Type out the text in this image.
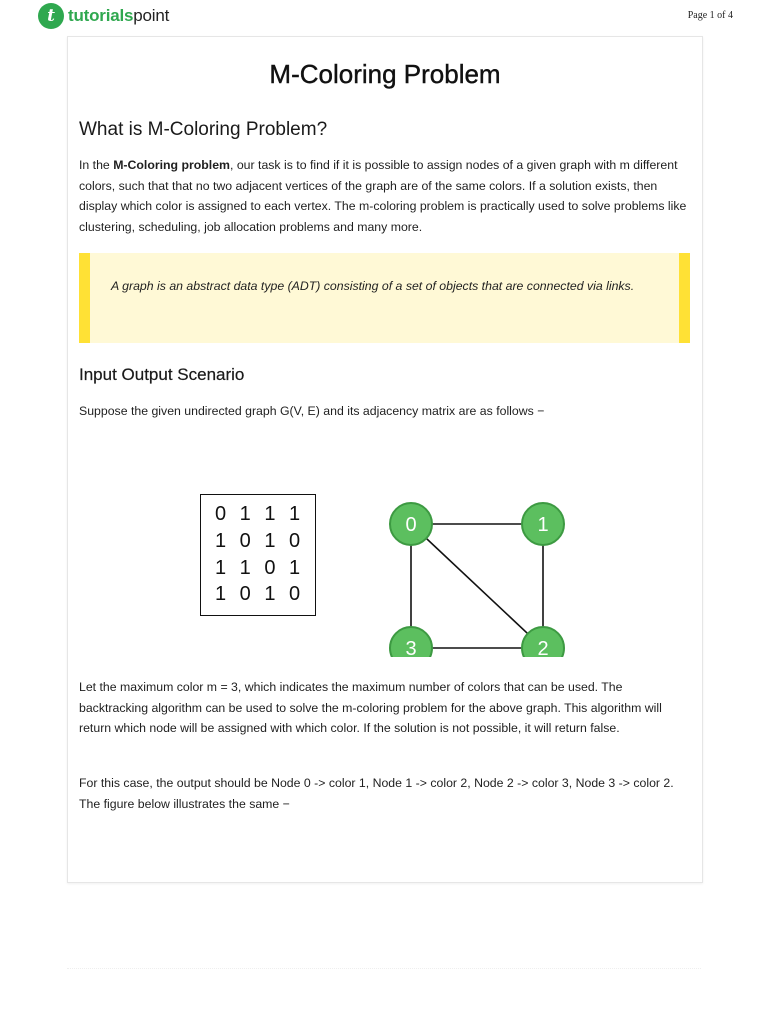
t tutorialspoint	Page 1 of 4
M-Coloring Problem
What is M-Coloring Problem?

In the M-Coloring problem, our task is to find if it is possible to assign nodes of a given graph with m different colors, such that that no two adjacent vertices of the graph are of the same colors. If a solution exists, then display which color is assigned to each vertex. The m-coloring problem is practically used to solve problems like clustering, scheduling, job allocation problems and many more.

A graph is an abstract data type (ADT) consisting of a set of objects that are connected via links.
Input Output Scenario

Suppose the given undirected graph G(V, E) and its adjacency matrix are as follows −

0 1 1 1
1 0 1 0
1 1 0 1
1 0 1 0
0	1
2
3

Let the maximum color m = 3, which indicates the maximum number of colors that can be used. The backtracking algorithm can be used to solve the m-coloring problem for the above graph. This algorithm will return which node will be assigned with which color. If the solution is not possible, it will return false.

For this case, the output should be Node 0 -> color 1, Node 1 -> color 2, Node 2 -> color 3, Node 3 -> color 2. The figure below illustrates the same −
